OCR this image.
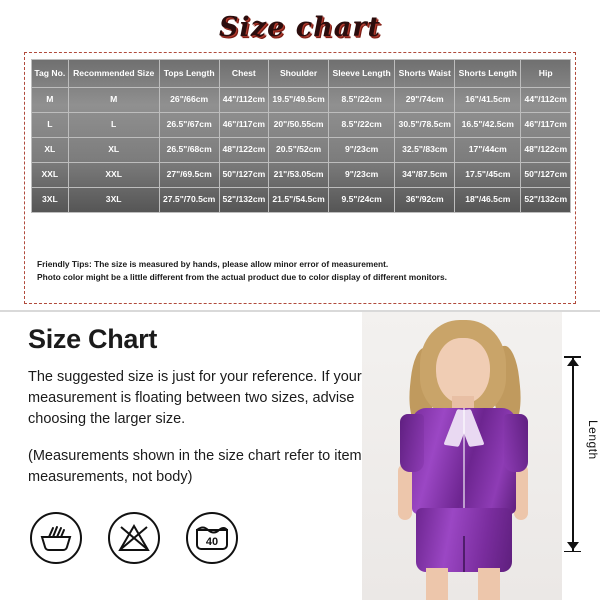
Size chart
Tag No.	Recommended Size	Tops Length	Chest	Shoulder	Sleeve Length	Shorts Waist	Shorts Length	Hip
M	M	26"/66cm	44"/112cm	19.5"/49.5cm	8.5"/22cm	29"/74cm	16"/41.5cm	44"/112cm
L	L	26.5"/67cm	46"/117cm	20"/50.55cm	8.5"/22cm	30.5"/78.5cm	16.5"/42.5cm	46"/117cm
XL	XL	26.5"/68cm	48"/122cm	20.5"/52cm	9"/23cm	32.5"/83cm	17"/44cm	48"/122cm
XXL	XXL	27"/69.5cm	50"/127cm	21"/53.05cm	9"/23cm	34"/87.5cm	17.5"/45cm	50"/127cm
3XL	3XL	27.5"/70.5cm	52"/132cm	21.5"/54.5cm	9.5"/24cm	36"/92cm	18"/46.5cm	52"/132cm
Friendly Tips: The size is measured by hands, please allow minor error of measurement.
Photo color might be a little different from the actual product due to color display of different monitors.
Size Chart
The suggested size is just for your reference. If your measurement is floating between two sizes, advise choosing the larger size.
(Measurements shown in the size chart refer to item measurements, not body)
40
Length
